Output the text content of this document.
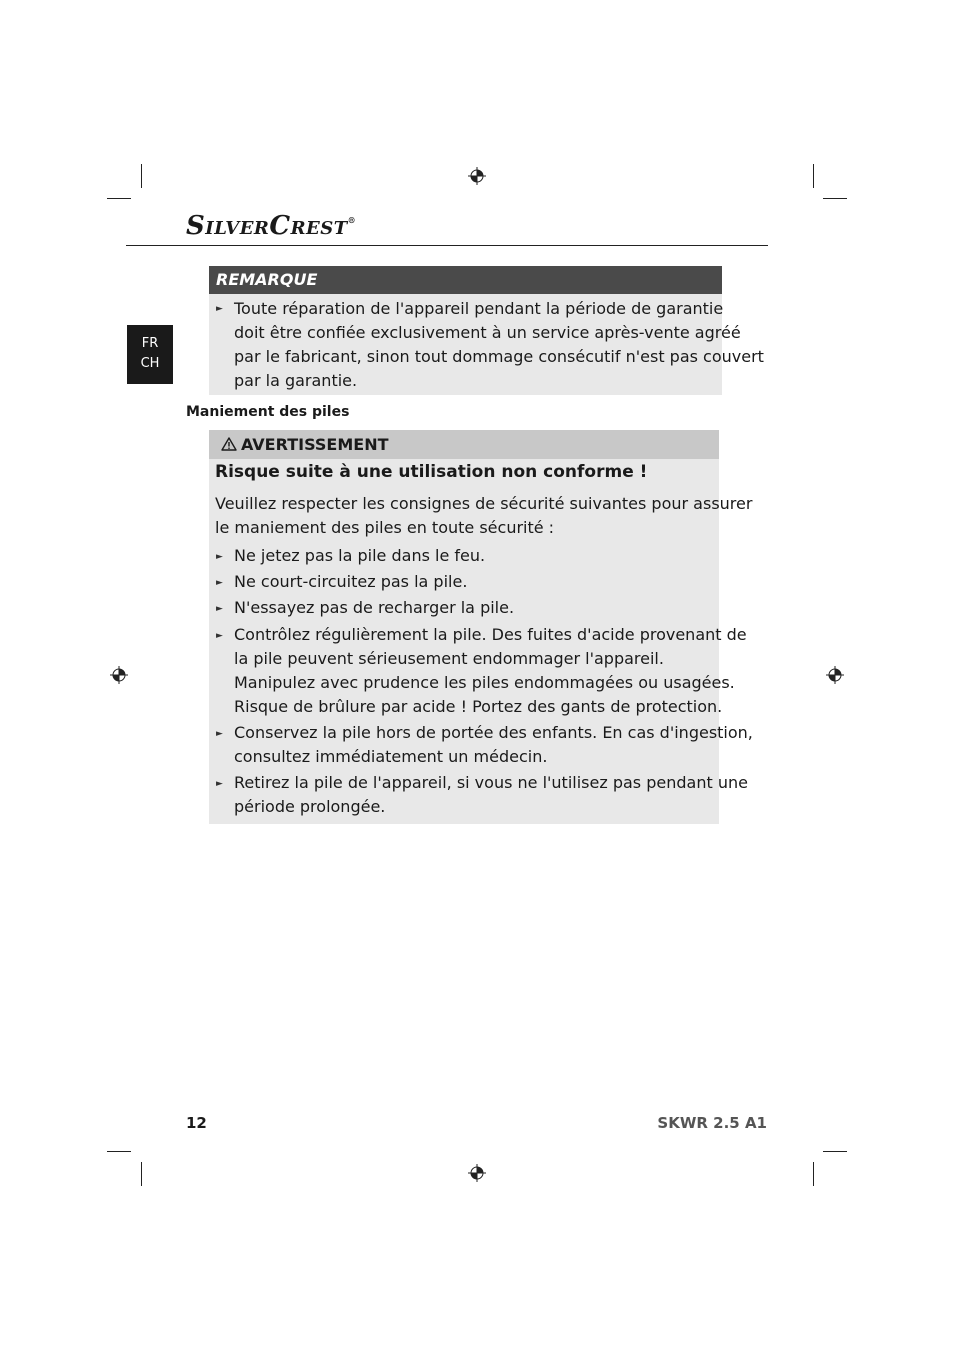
SILVERCREST®
FR
CH
REMARQUE
► Toute réparation de l'appareil pendant la période de garantie
doit être confiée exclusivement à un service après-vente agréé
par le fabricant, sinon tout dommage consécutif n'est pas couvert
par la garantie.
Maniement des piles
AVERTISSEMENT
Risque suite à une utilisation non conforme !
Veuillez respecter les consignes de sécurité suivantes pour assurer
le maniement des piles en toute sécurité :
► Ne jetez pas la pile dans le feu.
► Ne court-circuitez pas la pile.
► N'essayez pas de recharger la pile.
► Contrôlez régulièrement la pile. Des fuites d'acide provenant de
la pile peuvent sérieusement endommager l'appareil.
Manipulez avec prudence les piles endommagées ou usagées.
Risque de brûlure par acide ! Portez des gants de protection.
► Conservez la pile hors de portée des enfants. En cas d'ingestion,
consultez immédiatement un médecin.
► Retirez la pile de l'appareil, si vous ne l'utilisez pas pendant une
période prolongée.
12	SKWR 2.5 A1
